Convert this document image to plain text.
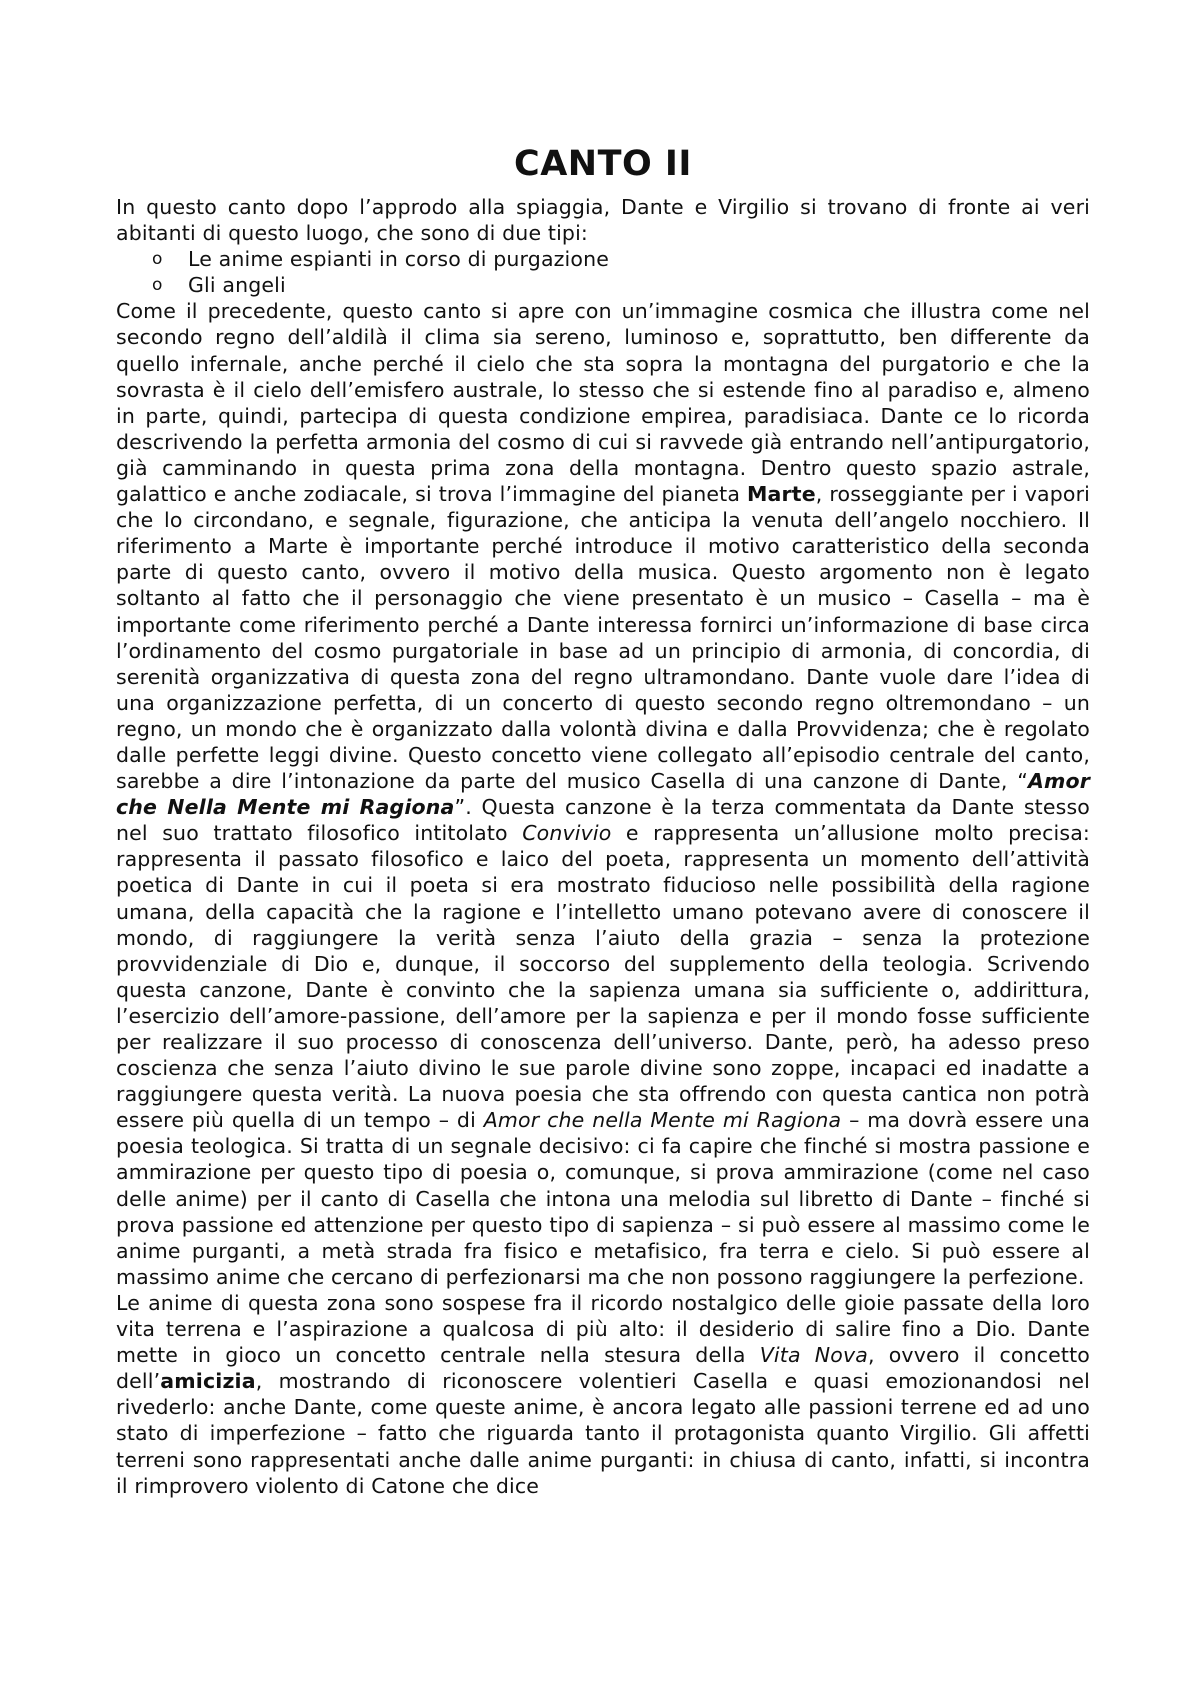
CANTO II

In questo canto dopo l’approdo alla spiaggia, Dante e Virgilio si trovano di fronte ai veri abitanti di questo luogo, che sono di due tipi:

o Le anime espianti in corso di purgazione
o Gli angeli

Come il precedente, questo canto si apre con un’immagine cosmica che illustra come nel secondo regno dell’aldilà il clima sia sereno, luminoso e, soprattutto, ben differente da quello infernale, anche perché il cielo che sta sopra la montagna del purgatorio e che la sovrasta è il cielo dell’emisfero australe, lo stesso che si estende fino al paradiso e, almeno in parte, quindi, partecipa di questa condizione empirea, paradisiaca. Dante ce lo ricorda descrivendo la perfetta armonia del cosmo di cui si ravvede già entrando nell’antipurgatorio, già camminando in questa prima zona della montagna. Dentro questo spazio astrale, galattico e anche zodiacale, si trova l’immagine del pianeta Marte, rosseggiante per i vapori che lo circondano, e segnale, figurazione, che anticipa la venuta dell’angelo nocchiero. Il riferimento a Marte è importante perché introduce il motivo caratteristico della seconda parte di questo canto, ovvero il motivo della musica. Questo argomento non è legato soltanto al fatto che il personaggio che viene presentato è un musico – Casella – ma è importante come riferimento perché a Dante interessa fornirci un’informazione di base circa l’ordinamento del cosmo purgatoriale in base ad un principio di armonia, di concordia, di serenità organizzativa di questa zona del regno ultramondano. Dante vuole dare l’idea di una organizzazione perfetta, di un concerto di questo secondo regno oltremondano – un regno, un mondo che è organizzato dalla volontà divina e dalla Provvidenza; che è regolato dalle perfette leggi divine. Questo concetto viene collegato all’episodio centrale del canto, sarebbe a dire l’intonazione da parte del musico Casella di una canzone di Dante, “Amor che Nella Mente mi Ragiona”. Questa canzone è la terza commentata da Dante stesso nel suo trattato filosofico intitolato Convivio e rappresenta un’allusione molto precisa: rappresenta il passato filosofico e laico del poeta, rappresenta un momento dell’attività poetica di Dante in cui il poeta si era mostrato fiducioso nelle possibilità della ragione umana, della capacità che la ragione e l’intelletto umano potevano avere di conoscere il mondo, di raggiungere la verità senza l’aiuto della grazia – senza la protezione provvidenziale di Dio e, dunque, il soccorso del supplemento della teologia. Scrivendo questa canzone, Dante è convinto che la sapienza umana sia sufficiente o, addirittura, l’esercizio dell’amore-passione, dell’amore per la sapienza e per il mondo fosse sufficiente per realizzare il suo processo di conoscenza dell’universo. Dante, però, ha adesso preso coscienza che senza l’aiuto divino le sue parole divine sono zoppe, incapaci ed inadatte a raggiungere questa verità. La nuova poesia che sta offrendo con questa cantica non potrà essere più quella di un tempo – di Amor che nella Mente mi Ragiona – ma dovrà essere una poesia teologica. Si tratta di un segnale decisivo: ci fa capire che finché si mostra passione e ammirazione per questo tipo di poesia o, comunque, si prova ammirazione (come nel caso delle anime) per il canto di Casella che intona una melodia sul libretto di Dante – finché si prova passione ed attenzione per questo tipo di sapienza – si può essere al massimo come le anime purganti, a metà strada fra fisico e metafisico, fra terra e cielo. Si può essere al massimo anime che cercano di perfezionarsi ma che non possono raggiungere la perfezione.

Le anime di questa zona sono sospese fra il ricordo nostalgico delle gioie passate della loro vita terrena e l’aspirazione a qualcosa di più alto: il desiderio di salire fino a Dio. Dante mette in gioco un concetto centrale nella stesura della Vita Nova, ovvero il concetto dell’amicizia, mostrando di riconoscere volentieri Casella e quasi emozionandosi nel rivederlo: anche Dante, come queste anime, è ancora legato alle passioni terrene ed ad uno stato di imperfezione – fatto che riguarda tanto il protagonista quanto Virgilio. Gli affetti terreni sono rappresentati anche dalle anime purganti: in chiusa di canto, infatti, si incontra il rimprovero violento di Catone che dice
